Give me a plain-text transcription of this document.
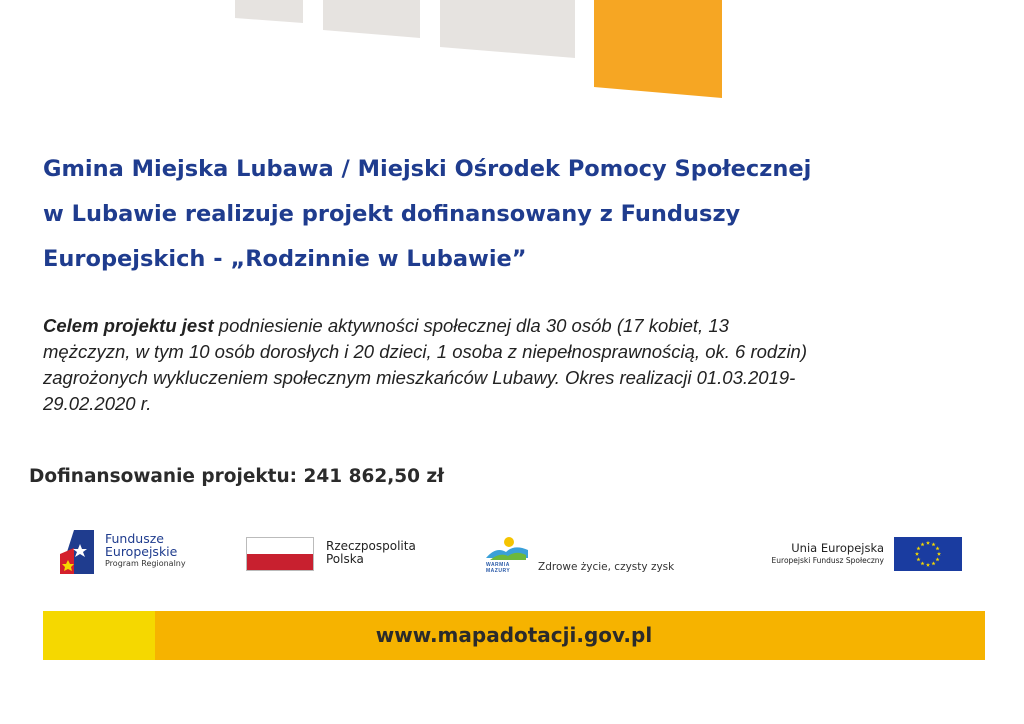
Gmina Miejska Lubawa / Miejski Ośrodek Pomocy Społecznej
w Lubawie realizuje projekt dofinansowany z Funduszy
Europejskich - „Rodzinnie w Lubawie”

Celem projektu jest podniesienie aktywności społecznej dla 30 osób (17 kobiet, 13
mężczyzn, w tym 10 osób dorosłych i 20 dzieci, 1 osoba z niepełnosprawnością, ok. 6 rodzin)
zagrożonych wykluczeniem społecznym mieszkańców Lubawy. Okres realizacji 01.03.2019-
29.02.2020 r.

Dofinansowanie projektu: 241 862,50 zł

Fundusze
Europejskie
Program Regionalny
Rzeczpospolita
Polska	WARMIA
MAZURY	Zdrowe życie, czysty zysk
Unia Europejska
Europejski Fundusz Społeczny
www.mapadotacji.gov.pl
